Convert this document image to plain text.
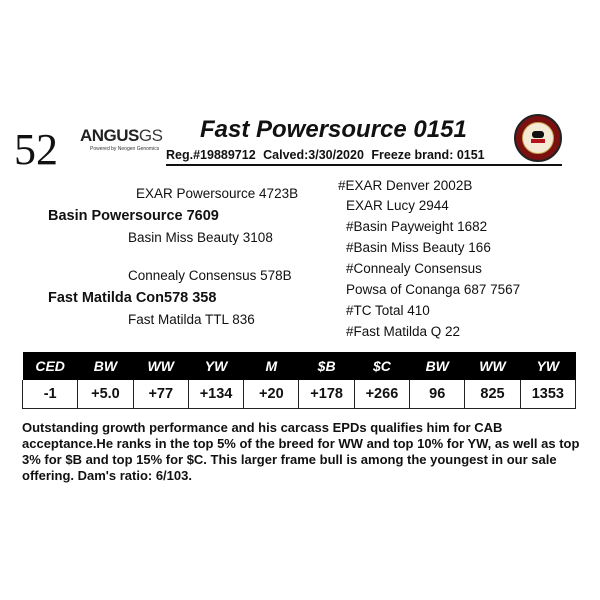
52 ANGUSGS
Powered by Neogen Genomics
Fast Powersource 0151
Reg.#19889712 Calved:3/30/2020 Freeze brand: 0151
EXAR Powersource 4723B
Basin Powersource 7609
Basin Miss Beauty 3108
Connealy Consensus 578B
Fast Matilda Con578 358
Fast Matilda TTL 836
#EXAR Denver 2002B
EXAR Lucy 2944
#Basin Payweight 1682
#Basin Miss Beauty 166
#Connealy Consensus
Powsa of Conanga 687 7567
#TC Total 410
#Fast Matilda Q 22
CED	BW	WW	YW	M	$B	$C	BW	WW	YW
-1	+5.0	+77	+134	+20	+178	+266	96	825	1353
Outstanding growth performance and his carcass EPDs qualifies him for CAB acceptance.He ranks in the top 5% of the breed for WW and top 10% for YW, as well as top 3% for $B and top 15% for $C. This larger frame bull is among the youngest in our sale offering. Dam's ratio: 6/103.
